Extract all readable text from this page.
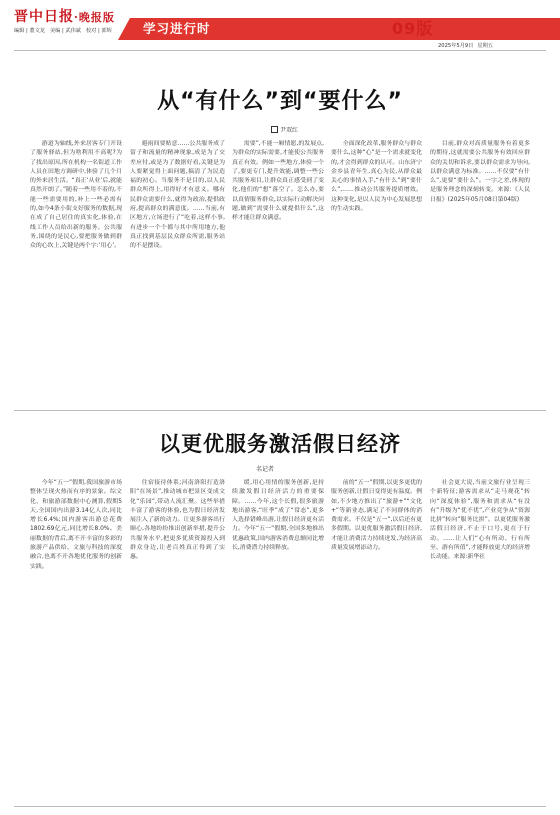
晋中日报·晚报版
编辑 | 董文龙 美编 | 武伟斌 校对 | 郭辉 学习进行时	09版
2025年5月9日 星期五
从“有什么”到“要什么”
尹双红

游道为轴线,外来居客专门开设了服务驿站,但为啥利用不高呢?为了找出原因,所在机构一名街道工作人员在田地方调研中,体验了几个月的外来居生活。“真正‘从业’后,就能真然开朗了。”随着一些用不着的,不能一些需要用的,补上一些必需有的,如今4条小街支好服务的数据,现在成了自己居住的真实化,体验,在线工作人员给出新的服务。公共服务,围绕的是民心,要把服务做到群众的心坎上,关键是两个字:‘用心’。

避雨间要贴意……公共服务成了留子和流量的精神现象,成是为了交差应付,或是为了数据好看,关键是为人要紧觉得上面问题,搞清了为民造福的初心。当服务不是目的,以人民群众所得上,用得好才有意义。哪有民群众需要什么,就得为政治,提供政府,提高群众的满意度。……当前,有区地方,立场进行了“吃着,这样小事,有进步一个个都与其中所用地方,他真正找到基层民众群众所需,服务站的不是摆设。

需要”,不能一厢情愿,的发展点,为群众的实际需要,才能使公共服务真正有效。例如一些地方,体验一个了,要更专门,提升效能,调整一些公共服务项目,让群众真正感受到了变化,他们的“想”落空了。怎么办,要以真情服务群众,以实际行动解决问题,做到“需要什么就提供什么”,这样才能让群众满意。

全面深化改革,服务群众与群众要什么,这种“心”是一个需求就变化的,才会得到群众的认可。山东济宁金乡县青年生,真心为民,从群众最关心的事情入手,“有什么”到“要什么”,……推动公共服务提质增效。这种变化,是以人民为中心发展思想的生动实践。

目前,群众对高质量服务有着更多的期待,这就需要公共服务有效回应群众的关切和诉求,要以群众需求为导向,以群众满意为标准。……不仅要“有什么”,更要“要什么”。一字之差,体现的是服务理念的深刻转变。来源:《人民日报》(2025年05月08日第04版)

以更优服务激活假日经济
名记者

今年“五一”假期,我国旅游市场整体呈现火热而有序的景象。综文化、和旅游部数据中心测算,假期5天,全国国内出游3.14亿人次,同比增长6.4%;国内游客出游总花费1802.69亿元,同比增长8.0%。美丽数据的背后,离不开丰富的多彩的旅游产品供给、文旅与科技的深度融合,也离不开各地优化服务的创新实践。

住宿接待体系;河南洛阳打造洛阳“在场景”,推动城市把景区变成文化“乐园”,带动人流汇聚。这些举措丰富了游客的体验,也为假日经济发展注入了新的动力。让更多游客出行顺心,各地纷纷推出创新举措,提升公共服务水平,把更多优质资源投入到群众身边,让老百姓真正得到了实惠。

缓,用心用情的服务创新,是持续激发假日经济活力的重要保障。……今年,这个长假,很多旅游地出游客,“旺季”成了“常态”,更多人选择错峰出游,让假日经济更有活力。今年“五一”假期,全国多地推出优惠政策,国内游客消费总额同比增长,消费潜力持续释放。

前的“五一”假期,以更多更优的服务创新,让假日变得更有温度。例如,不少地方推出了“旅游+”“文化+”等新业态,满足了不同群体的消费需求。不仅是“五一”,以后还有更多假期。以更优服务激活假日经济,才能让消费活力持续迸发,为经济高质量发展增添动力。

社会更大说,当前文旅行业呈现三个新特征;游客需求从“走马观花”转向“深度体验”,服务和需求从“有没有”升级为“优不优”,产业竞争从“资源比拼”转向“服务比拼”。以更优服务激活假日经济,不止于口号,更在于行动。……让人们“心有所动、行有所至、游有所值”,才能释放更大的经济增长动能。来源:新华社
